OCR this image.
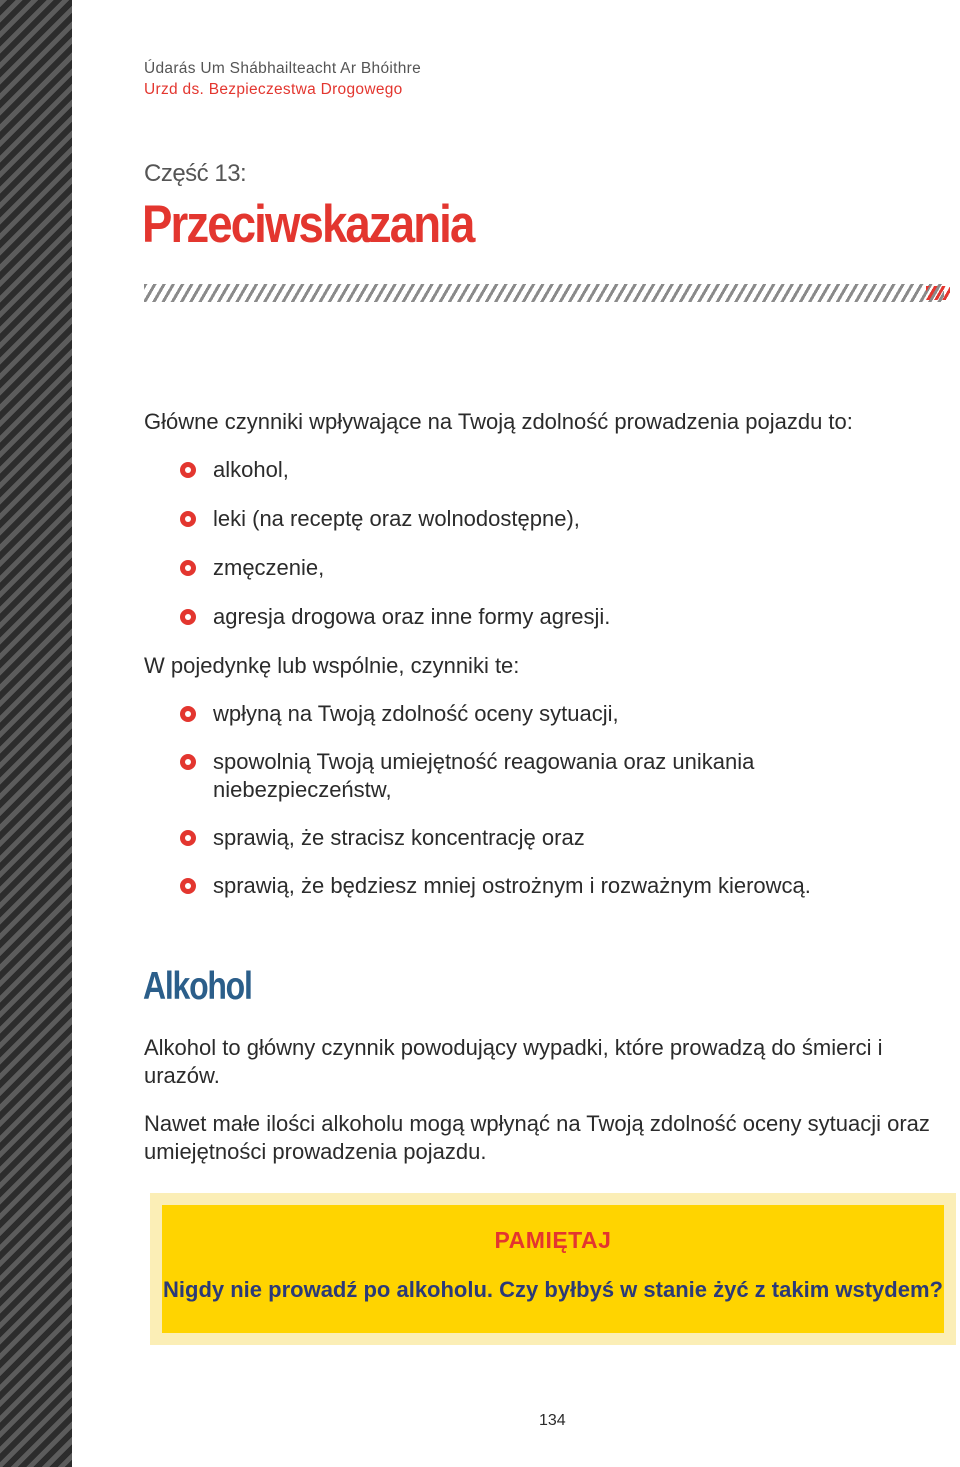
Údarás Um Shábhailteacht Ar Bhóithre
Urzd ds. Bezpieczestwa Drogowego
Część 13:
Przeciwskazania

Główne czynniki wpływające na Twoją zdolność prowadzenia pojazdu to:

alkohol,
leki (na receptę oraz wolnodostępne),
zmęczenie,
agresja drogowa oraz inne formy agresji.

W pojedynkę lub wspólnie, czynniki te:

wpłyną na Twoją zdolność oceny sytuacji,
spowolnią Twoją umiejętność reagowania oraz unikania niebezpieczeństw,
sprawią, że stracisz koncentrację oraz
sprawią, że będziesz mniej ostrożnym i rozważnym kierowcą.
Alkohol

Alkohol to główny czynnik powodujący wypadki, które prowadzą do śmierci i urazów.

Nawet małe ilości alkoholu mogą wpłynąć na Twoją zdolność oceny sytuacji oraz umiejętności prowadzenia pojazdu.

PAMIĘTAJ

Nigdy nie prowadź po alkoholu. Czy byłbyś w stanie żyć z takim wstydem?

134
